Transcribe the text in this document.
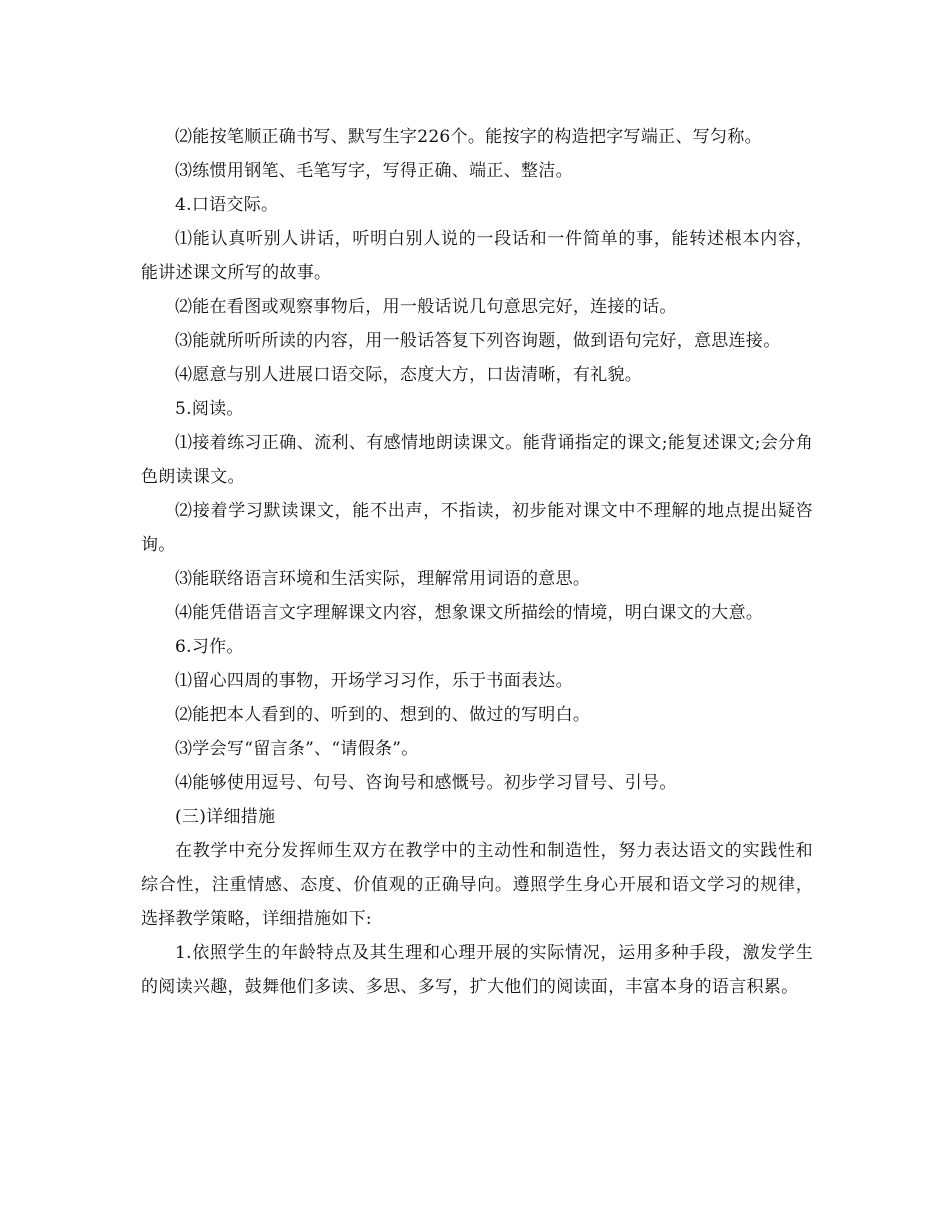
⑵能按笔顺正确书写、默写生字226个。能按字的构造把字写端正、写匀称。

⑶练惯用钢笔、毛笔写字，写得正确、端正、整洁。

4.口语交际。

⑴能认真听别人讲话，听明白别人说的一段话和一件简单的事，能转述根本内容，能讲述课文所写的故事。

⑵能在看图或观察事物后，用一般话说几句意思完好，连接的话。

⑶能就所听所读的内容，用一般话答复下列咨询题，做到语句完好，意思连接。

⑷愿意与别人进展口语交际，态度大方，口齿清晰，有礼貌。

5.阅读。

⑴接着练习正确、流利、有感情地朗读课文。能背诵指定的课文;能复述课文;会分角色朗读课文。

⑵接着学习默读课文，能不出声，不指读，初步能对课文中不理解的地点提出疑咨询。

⑶能联络语言环境和生活实际，理解常用词语的意思。

⑷能凭借语言文字理解课文内容，想象课文所描绘的情境，明白课文的大意。

6.习作。

⑴留心四周的事物，开场学习习作，乐于书面表达。

⑵能把本人看到的、听到的、想到的、做过的写明白。

⑶学会写“留言条”、“请假条”。

⑷能够使用逗号、句号、咨询号和感慨号。初步学习冒号、引号。

(三)详细措施

在教学中充分发挥师生双方在教学中的主动性和制造性，努力表达语文的实践性和综合性，注重情感、态度、价值观的正确导向。遵照学生身心开展和语文学习的规律，选择教学策略，详细措施如下:

1.依照学生的年龄特点及其生理和心理开展的实际情况，运用多种手段，激发学生的阅读兴趣，鼓舞他们多读、多思、多写，扩大他们的阅读面，丰富本身的语言积累。
